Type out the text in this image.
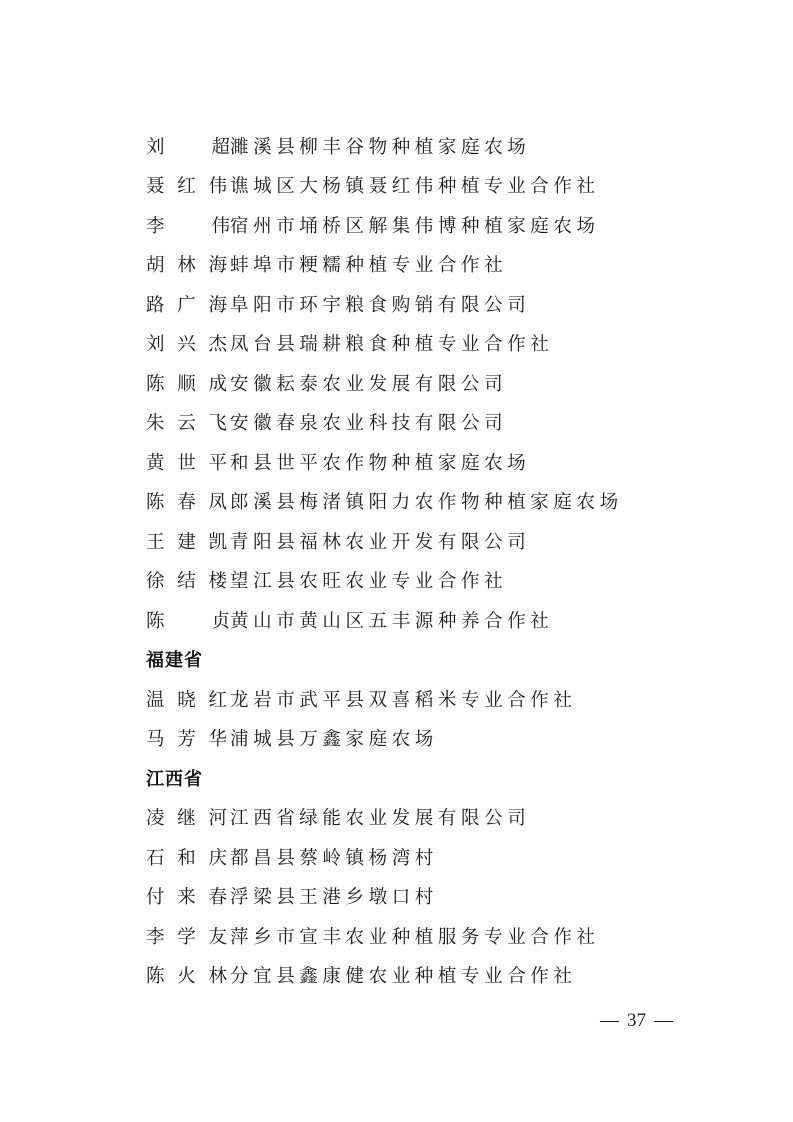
刘 超 濉溪县柳丰谷物种植家庭农场
聂红伟 谯城区大杨镇聂红伟种植专业合作社
李 伟 宿州市埇桥区解集伟博种植家庭农场
胡林海 蚌埠市粳糯种植专业合作社
路广海 阜阳市环宇粮食购销有限公司
刘兴杰 凤台县瑞耕粮食种植专业合作社
陈顺成 安徽耘泰农业发展有限公司
朱云飞 安徽春泉农业科技有限公司
黄世平 和县世平农作物种植家庭农场
陈春凤 郎溪县梅渚镇阳力农作物种植家庭农场
王建凯 青阳县福林农业开发有限公司
徐结楼 望江县农旺农业专业合作社
陈 贞 黄山市黄山区五丰源种养合作社
福建省
温晓红 龙岩市武平县双喜稻米专业合作社
马芳华 浦城县万鑫家庭农场
江西省
凌继河 江西省绿能农业发展有限公司
石和庆 都昌县蔡岭镇杨湾村
付来春 浮梁县王港乡墩口村
李学友 萍乡市宣丰农业种植服务专业合作社
陈火林 分宜县鑫康健农业种植专业合作社
— 37 —
